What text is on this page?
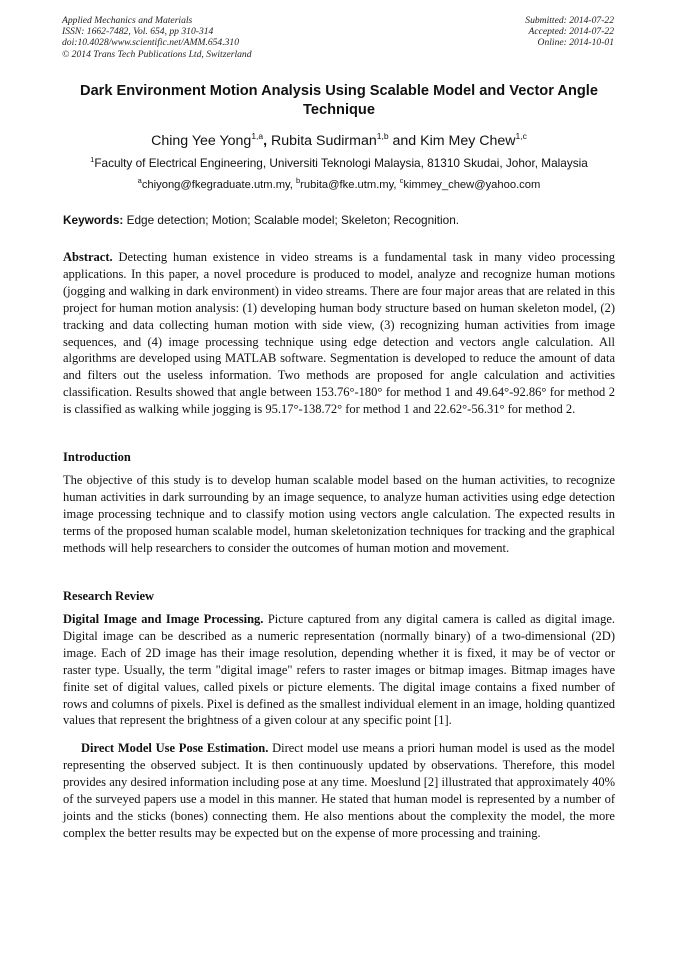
Applied Mechanics and Materials
ISSN: 1662-7482, Vol. 654, pp 310-314
doi:10.4028/www.scientific.net/AMM.654.310
© 2014 Trans Tech Publications Ltd, Switzerland
Submitted: 2014-07-22
Accepted: 2014-07-22
Online: 2014-10-01
Dark Environment Motion Analysis Using Scalable Model and Vector Angle Technique
Ching Yee Yong$^{1,a}$, Rubita Sudirman$^{1,b}$ and Kim Mey Chew$^{1,c}$
$^1$Faculty of Electrical Engineering, Universiti Teknologi Malaysia, 81310 Skudai, Johor, Malaysia
$^a$chiyong@fkegraduate.utm.my, $^b$rubita@fke.utm.my, $^c$kimmey_chew@yahoo.com
Keywords: Edge detection; Motion; Scalable model; Skeleton; Recognition.

Abstract. Detecting human existence in video streams is a fundamental task in many video processing applications. In this paper, a novel procedure is produced to model, analyze and recognize human motions (jogging and walking in dark environment) in video streams. There are four major areas that are related in this project for human motion analysis: (1) developing human body structure based on human skeleton model, (2) tracking and data collecting human motion with side view, (3) recognizing human activities from image sequences, and (4) image processing technique using edge detection and vectors angle calculation. All algorithms are developed using MATLAB software. Segmentation is developed to reduce the amount of data and filters out the useless information. Two methods are proposed for angle calculation and activities classification. Results showed that angle between 153.76°-180° for method 1 and 49.64°-92.86° for method 2 is classified as walking while jogging is 95.17°-138.72° for method 1 and 22.62°-56.31° for method 2.

Introduction

The objective of this study is to develop human scalable model based on the human activities, to recognize human activities in dark surrounding by an image sequence, to analyze human activities using edge detection image processing technique and to classify motion using vectors angle calculation. The expected results in terms of the proposed human scalable model, human skeletonization techniques for tracking and the graphical methods will help researchers to consider the outcomes of human motion and movement.

Research Review

Digital Image and Image Processing. Picture captured from any digital camera is called as digital image. Digital image can be described as a numeric representation (normally binary) of a two-dimensional (2D) image. Each of 2D image has their image resolution, depending whether it is fixed, it may be of vector or raster type. Usually, the term "digital image" refers to raster images or bitmap images. Bitmap images have finite set of digital values, called pixels or picture elements. The digital image contains a fixed number of rows and columns of pixels. Pixel is defined as the smallest individual element in an image, holding quantized values that represent the brightness of a given colour at any specific point [1].

Direct Model Use Pose Estimation. Direct model use means a priori human model is used as the model representing the observed subject. It is then continuously updated by observations. Therefore, this model provides any desired information including pose at any time. Moeslund [2] illustrated that approximately 40% of the surveyed papers use a model in this manner. He stated that human model is represented by a number of joints and the sticks (bones) connecting them. He also mentions about the complexity the model, the more complex the better results may be expected but on the expense of more processing and training.
